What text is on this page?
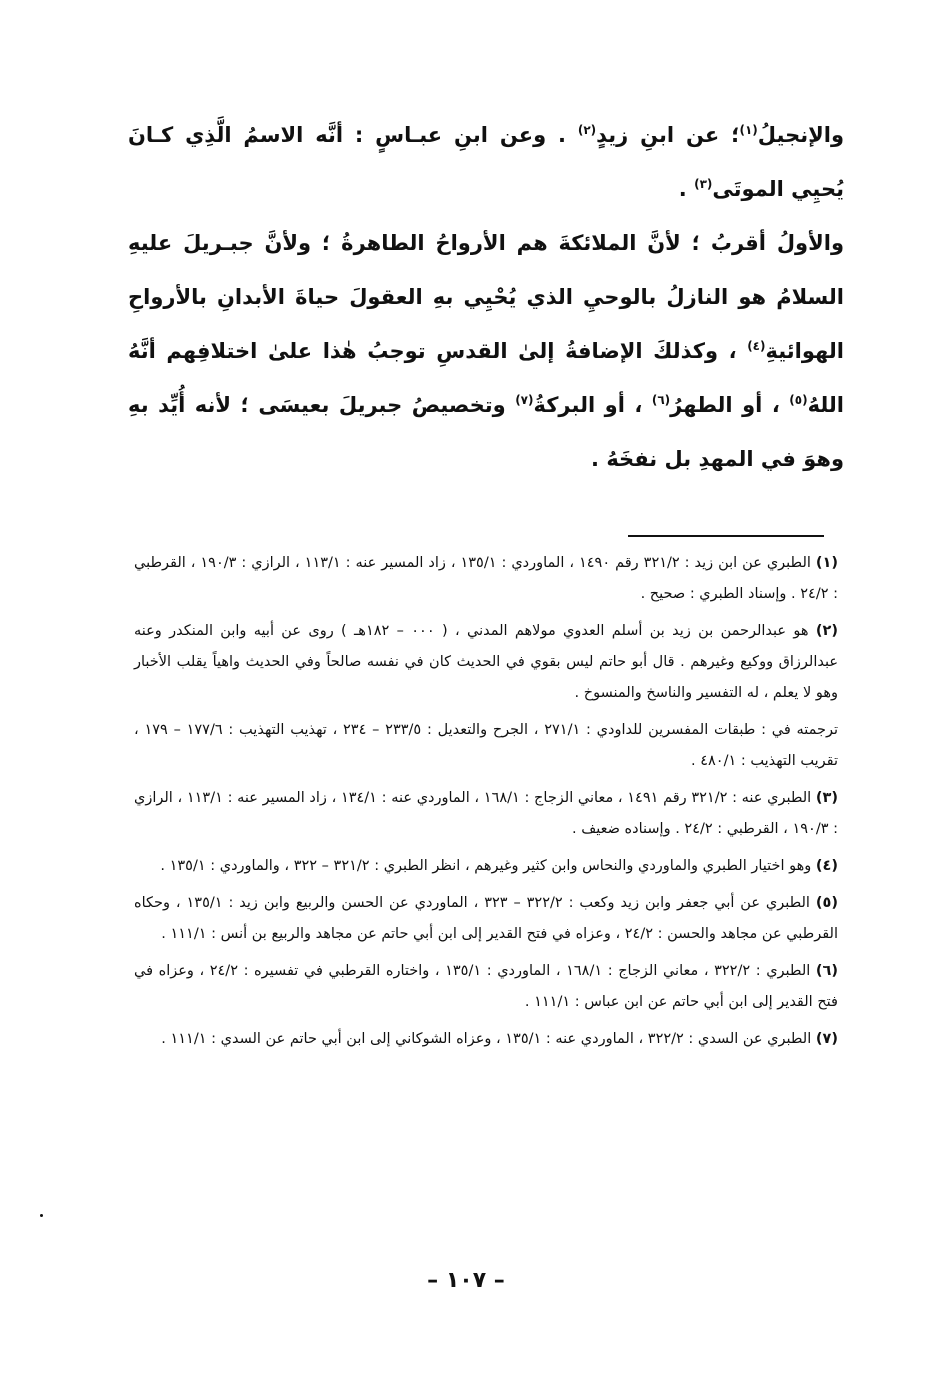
والإنجيلُ$^{(١)}$؛ عن ابنِ زيدٍ$^{(٢)}$ . وعن ابنِ عبـاسٍ : أنَّه الاسمُ الَّذِي كـانَ يُحيِي الموتَى$^{(٣)}$ .

والأولُ أقربُ ؛ لأنَّ الملائكةَ هم الأرواحُ الطاهرةُ ؛ ولأنَّ جبـريلَ عليهِ السلامُ هو النازلُ بالوحيِ الذي يُحْيِي بهِ العقولَ حياةَ الأبدانِ بالأرواحِ الهوائيةِ$^{(٤)}$ ، وكذلكَ الإضافةُ إلىٰ القدسِ توجبُ هٰذا علىٰ اختلافِهم أنَّهُ اللهُ$^{(٥)}$ ، أو الطهرُ$^{(٦)}$ ، أو البركةُ$^{(٧)}$ وتخصيصُ جبريلَ بعيسَى ؛ لأنه أُيِّد بهِ وهوَ في المهدِ بل نفخَهُ .

(١) الطبري عن ابن زيد : ٣٢١/٢ رقم ١٤٩٠ ، الماوردي : ١٣٥/١ ، زاد المسير عنه : ١١٣/١ ، الرازي : ١٩٠/٣ ، القرطبي : ٢٤/٢ . وإسناد الطبري : صحيح .

(٢) هو عبدالرحمن بن زيد بن أسلم العدوي مولاهم المدني ، ( ٠٠٠ – ١٨٢هـ ) روى عن أبيه وابن المنكدر وعنه عبدالرزاق ووكيع وغيرهم . قال أبو حاتم ليس بقوي في الحديث كان في نفسه صالحاً وفي الحديث واهياً يقلب الأخبار وهو لا يعلم ، له التفسير والناسخ والمنسوخ .

ترجمته في : طبقات المفسرين للداودي : ٢٧١/١ ، الجرح والتعديل : ٢٣٣/٥ – ٢٣٤ ، تهذيب التهذيب : ١٧٧/٦ – ١٧٩ ، تقريب التهذيب : ٤٨٠/١ .

(٣) الطبري عنه : ٣٢١/٢ رقم ١٤٩١ ، معاني الزجاج : ١٦٨/١ ، الماوردي عنه : ١٣٤/١ ، زاد المسير عنه : ١١٣/١ ، الرازي : ١٩٠/٣ ، القرطبي : ٢٤/٢ . وإسناده ضعيف .

(٤) وهو اختيار الطبري والماوردي والنحاس وابن كثير وغيرهم ، انظر الطبري : ٣٢١/٢ – ٣٢٢ ، والماوردي : ١٣٥/١ .

(٥) الطبري عن أبي جعفر وابن زيد وكعب : ٣٢٢/٢ – ٣٢٣ ، الماوردي عن الحسن والربيع وابن زيد : ١٣٥/١ ، وحكاه القرطبي عن مجاهد والحسن : ٢٤/٢ ، وعزاه في فتح القدير إلى ابن أبي حاتم عن مجاهد والربيع بن أنس : ١١١/١ .

(٦) الطبري : ٣٢٢/٢ ، معاني الزجاج : ١٦٨/١ ، الماوردي : ١٣٥/١ ، واختاره القرطبي في تفسيره : ٢٤/٢ ، وعزاه في فتح القدير إلى ابن أبي حاتم عن ابن عباس : ١١١/١ .

(٧) الطبري عن السدي : ٣٢٢/٢ ، الماوردي عنه : ١٣٥/١ ، وعزاه الشوكاني إلى ابن أبي حاتم عن السدي : ١١١/١ .

– ١٠٧ –
